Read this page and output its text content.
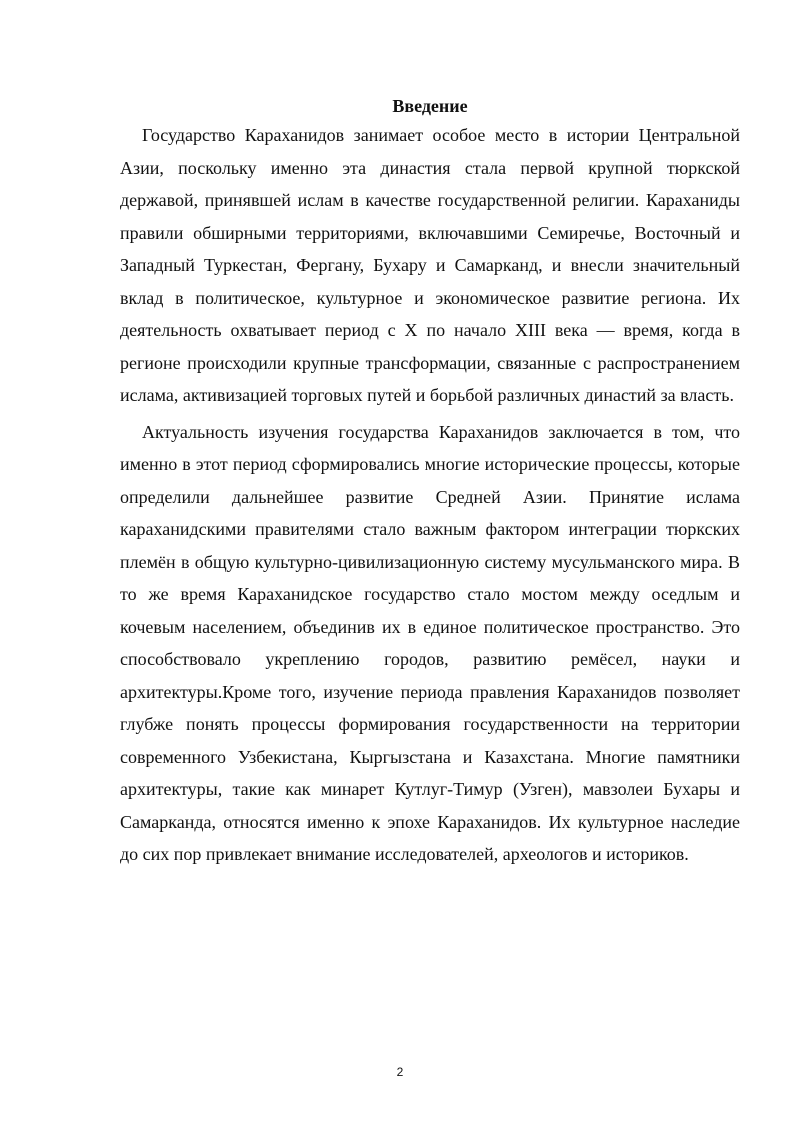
Введение

Государство Караханидов занимает особое место в истории Центральной Азии, поскольку именно эта династия стала первой крупной тюркской державой, принявшей ислам в качестве государственной религии. Караханиды правили обширными территориями, включавшими Семиречье, Восточный и Западный Туркестан, Фергану, Бухару и Самарканд, и внесли значительный вклад в политическое, культурное и экономическое развитие региона. Их деятельность охватывает период с X по начало XIII века — время, когда в регионе происходили крупные трансформации, связанные с распространением ислама, активизацией торговых путей и борьбой различных династий за власть.

Актуальность изучения государства Караханидов заключается в том, что именно в этот период сформировались многие исторические процессы, которые определили дальнейшее развитие Средней Азии. Принятие ислама караханидскими правителями стало важным фактором интеграции тюркских племён в общую культурно-цивилизационную систему мусульманского мира. В то же время Караханидское государство стало мостом между оседлым и кочевым населением, объединив их в единое политическое пространство. Это способствовало укреплению городов, развитию ремёсел, науки и архитектуры.Кроме того, изучение периода правления Караханидов позволяет глубже понять процессы формирования государственности на территории современного Узбекистана, Кыргызстана и Казахстана. Многие памятники архитектуры, такие как минарет Кутлуг-Тимур (Узген), мавзолеи Бухары и Самарканда, относятся именно к эпохе Караханидов. Их культурное наследие до сих пор привлекает внимание исследователей, археологов и историков.

2
